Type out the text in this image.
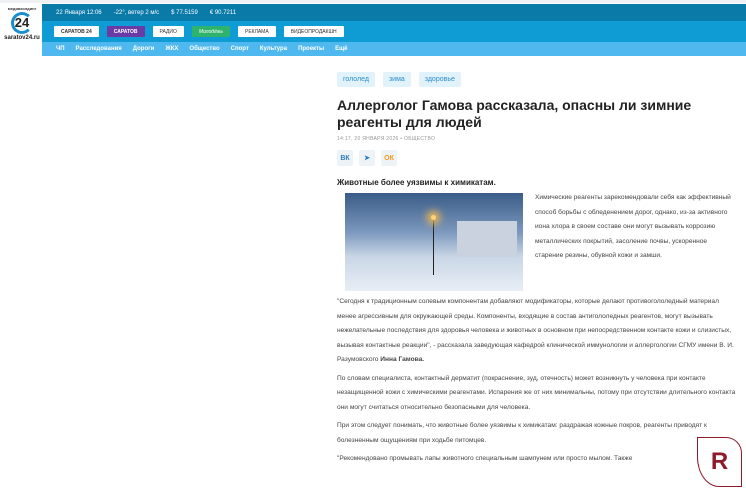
медиахолдинг
24
saratov24.ru
22 Января 12:06 -22°, ветер 2 м/с $ 77.5159 € 90.7211
САРАТОВ 24	САРАТОВ	РАДИО	Молодёжь	РЕКЛАМА	ВИДЕОПРОДАКШН
ЧП Расследования Дороги ЖКХ Общество Спорт Культура Проекты Ещё
гололед	зима	здоровье
Аллерголог Гамова рассказала, опасны ли зимние реагенты для людей
14:17, 20 ЯНВАРЯ 2026 • ОБЩЕСТВО
ВК	➤	ОК
Животные более уязвимы к химикатам.

Химические реагенты зарекомендовали себя как эффективный способ борьбы с обледенением дорог, однако, из-за активного иона хлора в своем составе они могут вызывать коррозию металлических покрытий, засоление почвы, ускоренное старение резины, обувной кожи и замши.

"Сегодня к традиционным солевым компонентам добавляют модификаторы, которые делают противогололедный материал менее агрессивным для окружающей среды. Компоненты, входящие в состав антигололедных реагентов, могут вызывать нежелательные последствия для здоровья человека и животных в основном при непосредственном контакте кожи и слизистых, вызывая контактные реакции", - рассказала заведующая кафедрой клинической иммунологии и аллергологии СГМУ имени В. И. Разумовского Инна Гамова.

По словам специалиста, контактный дерматит (покраснение, зуд, отечность) может возникнуть у человека при контакте незащищенной кожи с химическими реагентами. Испарения же от них минимальны, потому при отсутствии длительного контакта они могут считаться относительно безопасными для человека.

При этом следует понимать, что животные более уязвимы к химикатам: раздражая кожные покров, реагенты приводят к болезненным ощущениям при ходьбе питомцев.

"Рекомендовано промывать лапы животного специальным шампунем или просто мылом. Также	R
